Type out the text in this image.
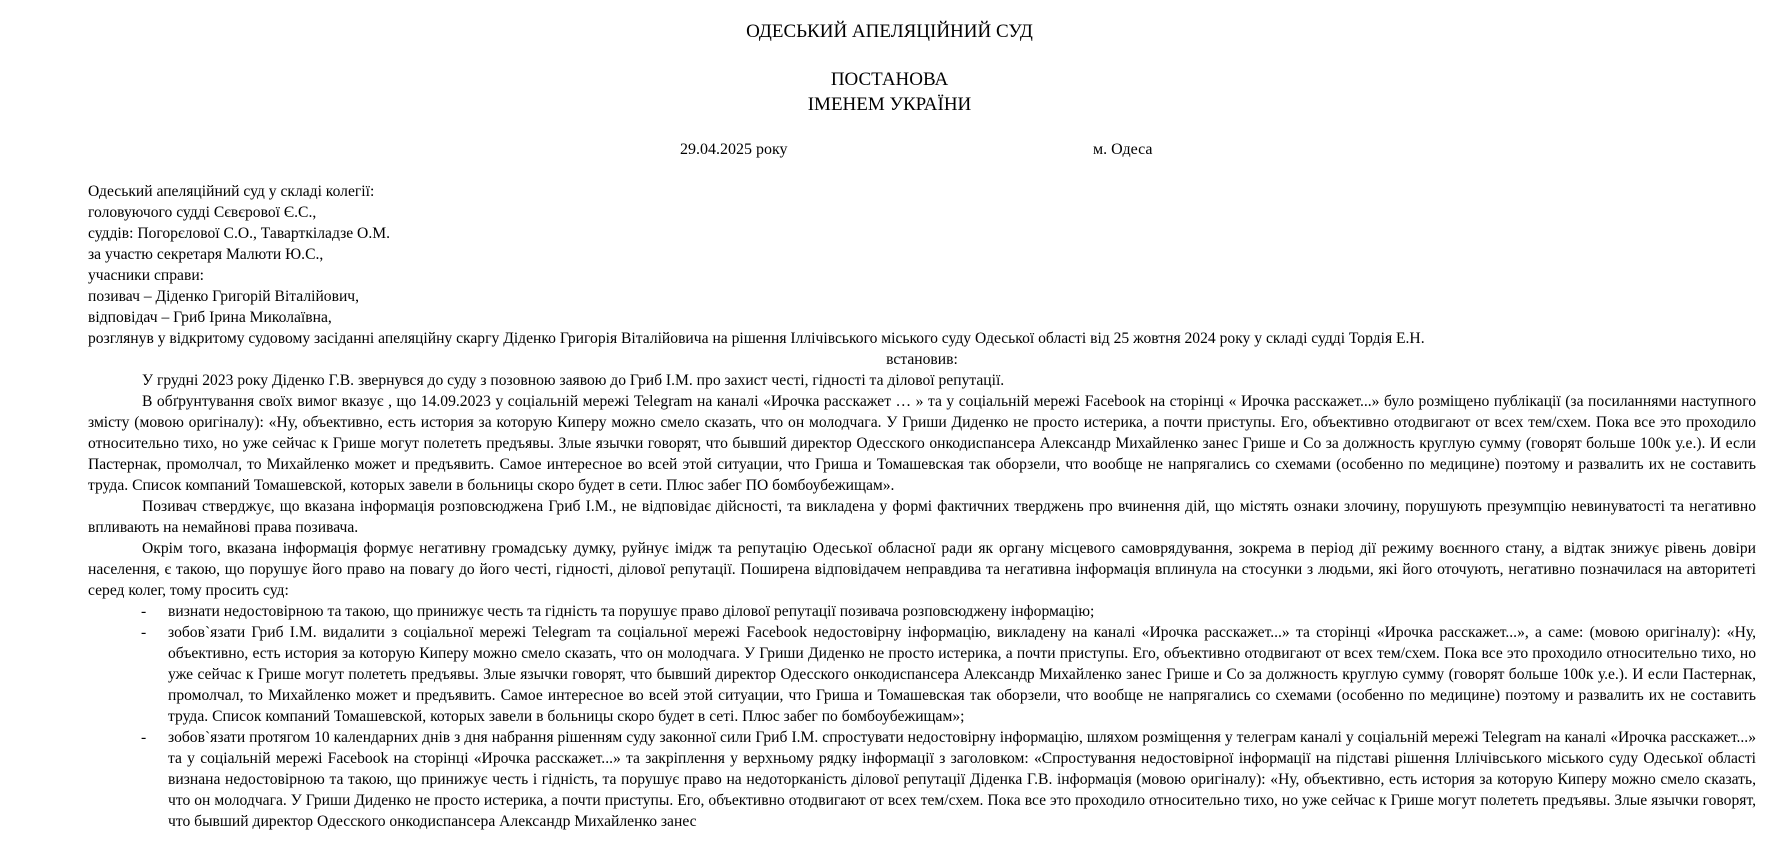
ОДЕСЬКИЙ АПЕЛЯЦІЙНИЙ СУД
ПОСТАНОВА
ІМЕНЕМ УКРАЇНИ
29.04.2025 року	м. Одеса

Одеський апеляційний суд у складі колегії:

головуючого судді Сєвєрової Є.С.,

суддів: Погорєлової С.О., Таварткіладзе О.М.

за участю секретаря Малюти Ю.С.,

учасники справи:

позивач – Діденко Григорій Віталійович,

відповідач – Гриб Ірина Миколаївна,

розглянув у відкритому судовому засіданні апеляційну скаргу Діденко Григорія Віталійовича на рішення Іллічівського міського суду Одеської області від 25 жовтня 2024 року у складі судді Тордія Е.Н.

встановив:

У грудні 2023 року Діденко Г.В. звернувся до суду з позовною заявою до Гриб І.М. про захист честі, гідності та ділової репутації.

В обґрунтування своїх вимог вказує , що 14.09.2023 у соціальній мережі Telegram на каналі «Ирочка расскажет … » та у соціальній мережі Facebook на сторінці « Ирочка расскажет...» було розміщено публікації (за посиланнями наступного змісту (мовою оригіналу): «Ну, объективно, есть история за которую Киперу можно смело сказать, что он молодчага. У Гриши Диденко не просто истерика, а почти приступы. Его, объективно отодвигают от всех тем/схем. Пока все это проходило относительно тихо, но уже сейчас к Грише могут полететь предъявы. Злые язычки говорят, что бывший директор Одесского онкодиспансера Александр Михайленко занес Грише и Со за должность круглую сумму (говорят больше 100к у.е.). И если Пастернак, промолчал, то Михайленко может и предъявить. Самое интересное во всей этой ситуации, что Гриша и Томашевская так оборзели, что вообще не напрягались со схемами (особенно по медицине) поэтому и развалить их не составить труда. Список компаний Томашевской, которых завели в больницы скоро будет в сети. Плюс забег ПО бомбоубежищам».

Позивач стверджує, що вказана інформація розповсюджена Гриб І.М., не відповідає дійсності, та викладена у формі фактичних тверджень про вчинення дій, що містять ознаки злочину, порушують презумпцію невинуватості та негативно впливають на немайнові права позивача.

Окрім того, вказана інформація формує негативну громадську думку, руйнує імідж та репутацію Одеської обласної ради як органу місцевого самоврядування, зокрема в період дії режиму воєнного стану, а відтак знижує рівень довіри населення, є такою, що порушує його право на повагу до його честі, гідності, ділової репутації. Поширена відповідачем неправдива та негативна інформація вплинула на стосунки з людьми, які його оточують, негативно позначилася на авторитеті серед колег, тому просить суд:

- визнати недостовірною та такою, що принижує честь та гідність та порушує право ділової репутації позивача розповсюджену інформацію;
- зобов`язати Гриб І.М. видалити з соціальної мережі Telegram та соціальної мережі Facebook недостовірну інформацію, викладену на каналі «Ирочка расскажет...» та сторінці «Ирочка расскажет...», а саме: (мовою оригіналу): «Ну, объективно, есть история за которую Киперу можно смело сказать, что он молодчага. У Гриши Диденко не просто истерика, а почти приступы. Его, объективно отодвигают от всех тем/схем. Пока все это проходило относительно тихо, но уже сейчас к Грише могут полететь предъявы. Злые язычки говорят, что бывший директор Одесского онкодиспансера Александр Михайленко занес Грише и Со за должность круглую сумму (говорят больше 100к у.е.). И если Пастернак, промолчал, то Михайленко может и предъявить. Самое интересное во всей этой ситуации, что Гриша и Томашевская так оборзели, что вообще не напрягались со схемами (особенно по медицине) поэтому и развалить их не составить труда. Список компаний Томашевской, которых завели в больницы скоро будет в сеті. Плюс забег по бомбоубежищам»;
- зобов`язати протягом 10 календарних днів з дня набрання рішенням суду законної сили Гриб І.М. спростувати недостовірну інформацію, шляхом розміщення у телеграм каналі у соціальній мережі Telegram на каналі «Ирочка расскажет...» та у соціальній мережі Facebook на сторінці «Ирочка расскажет...» та закріплення у верхньому рядку інформації з заголовком: «Спростування недостовірної інформації на підставі рішення Іллічівського міського суду Одеської області визнана недостовірною та такою, що принижує честь і гідність, та порушує право на недоторканість ділової репутації Діденка Г.В. інформація (мовою оригіналу): «Ну, объективно, есть история за которую Киперу можно смело сказать, что он молодчага. У Гриши Диденко не просто истерика, а почти приступы. Его, объективно отодвигают от всех тем/схем. Пока все это проходило относительно тихо, но уже сейчас к Грише могут полететь предъявы. Злые язычки говорят, что бывший директор Одесского онкодиспансера Александр Михайленко занес
